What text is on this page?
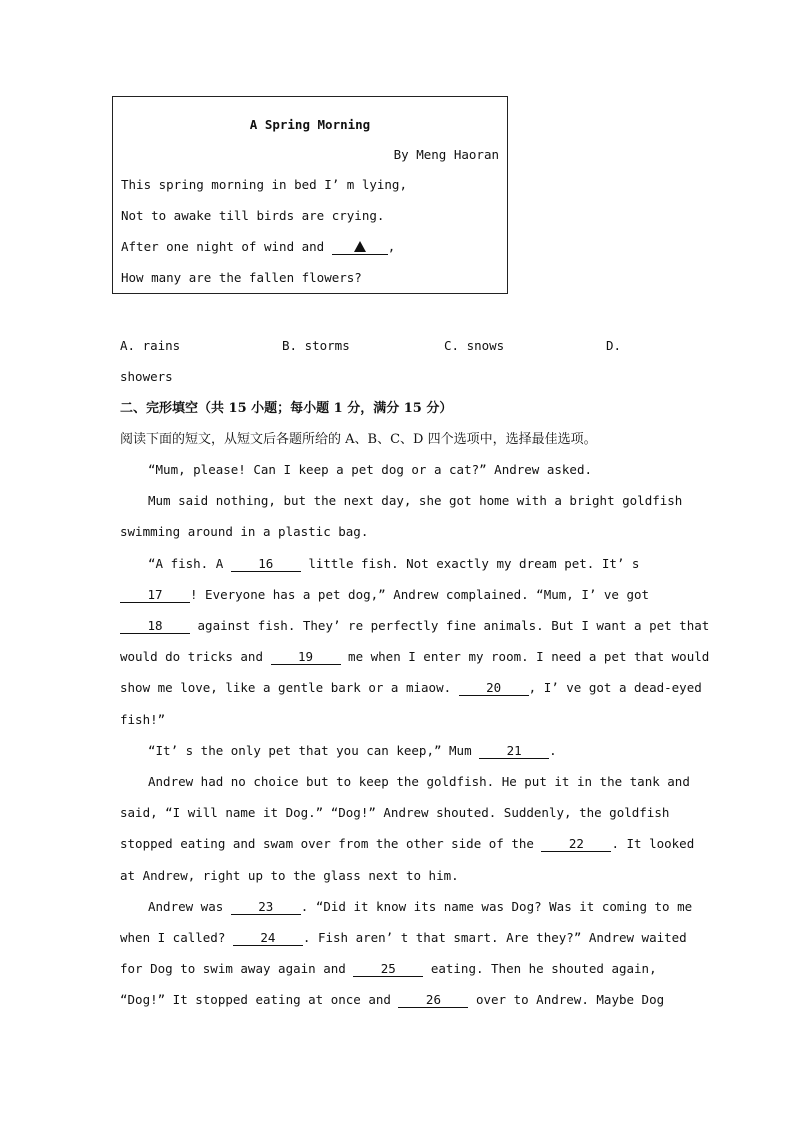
A Spring Morning
By Meng Haoran
This spring morning in bed I’ m lying,
Not to awake till birds are crying.
After one night of wind and	,
How many are the fallen flowers?
A. rains	B. storms	C. snows	D.
showers
二、完形填空（共 15 小题；每小题 1 分，满分 15 分）
阅读下面的短文，从短文后各题所给的 A、B、C、D 四个选项中，选择最佳选项。
“Mum, please! Can I keep a pet dog or a cat?” Andrew asked.
Mum said nothing, but the next day, she got home with a bright goldfish
swimming around in a plastic bag.
“A fish. A 16 little fish. Not exactly my dream pet. It’ s
17 ! Everyone has a pet dog,” Andrew complained. “Mum, I’ ve got
18 against fish. They’ re perfectly fine animals. But I want a pet that
would do tricks and 19 me when I enter my room. I need a pet that would
show me love, like a gentle bark or a miaow. 20 , I’ ve got a dead-eyed
fish!”
“It’ s the only pet that you can keep,” Mum 21 .
Andrew had no choice but to keep the goldfish. He put it in the tank and
said, “I will name it Dog.” “Dog!” Andrew shouted. Suddenly, the goldfish
stopped eating and swam over from the other side of the 22 . It looked
at Andrew, right up to the glass next to him.
Andrew was 23 . “Did it know its name was Dog? Was it coming to me
when I called? 24 . Fish aren’ t that smart. Are they?” Andrew waited
for Dog to swim away again and 25 eating. Then he shouted again,
“Dog!” It stopped eating at once and 26 over to Andrew. Maybe Dog
